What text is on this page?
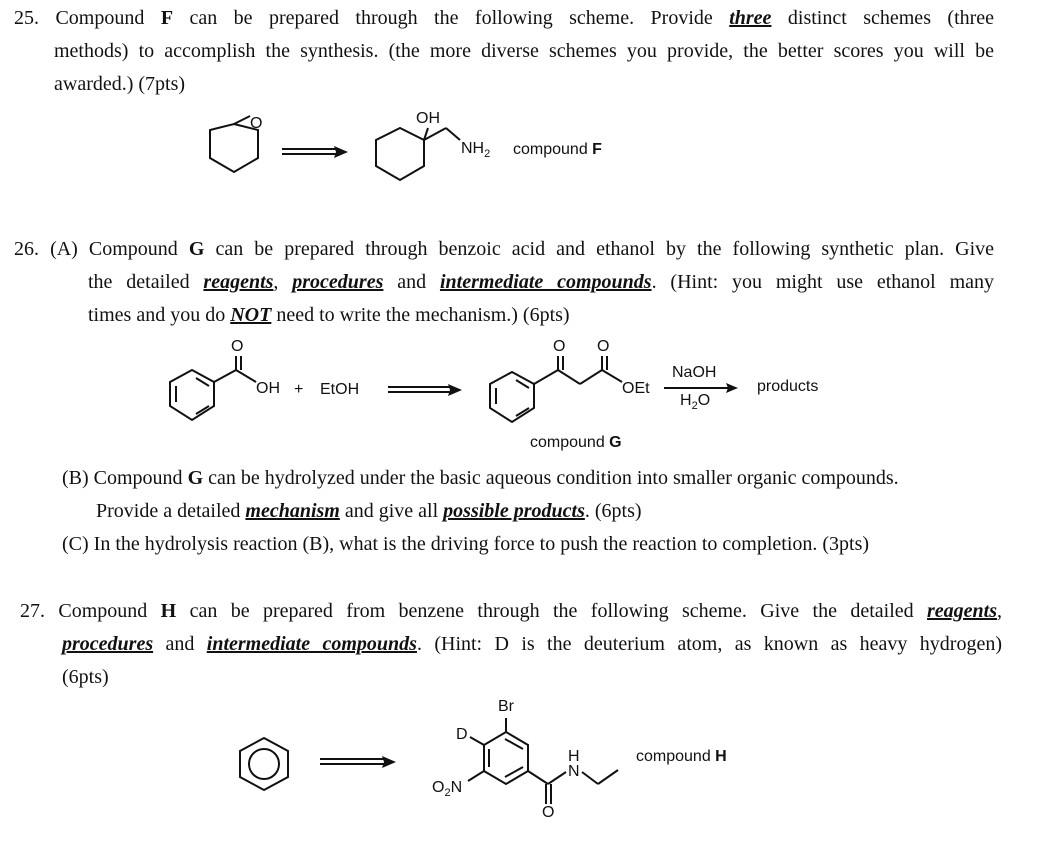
25. Compound F can be prepared through the following scheme. Provide three distinct schemes (three
methods) to accomplish the synthesis. (the more diverse schemes you provide, the better scores you will be
awarded.) (7pts)
O	OH
$NH_2$ compound F
26. (A) Compound G can be prepared through benzoic acid and ethanol by the following synthetic plan. Give
the detailed reagents, procedures and intermediate compounds. (Hint: you might use ethanol many
times and you do NOT need to write the mechanism.) (6pts)
O
OH + EtOH
O O
OEt
NaOH
$H_2O$
products
compound G
(B) Compound G can be hydrolyzed under the basic aqueous condition into smaller organic compounds.
Provide a detailed mechanism and give all possible products. (6pts)
(C) In the hydrolysis reaction (B), what is the driving force to push the reaction to completion. (3pts)
27. Compound H can be prepared from benzene through the following scheme. Give the detailed reagents,
procedures and intermediate compounds. (Hint: D is the deuterium atom, as known as heavy hydrogen)
(6pts)
Br
D
$O_2N$
H
N
O
compound H
